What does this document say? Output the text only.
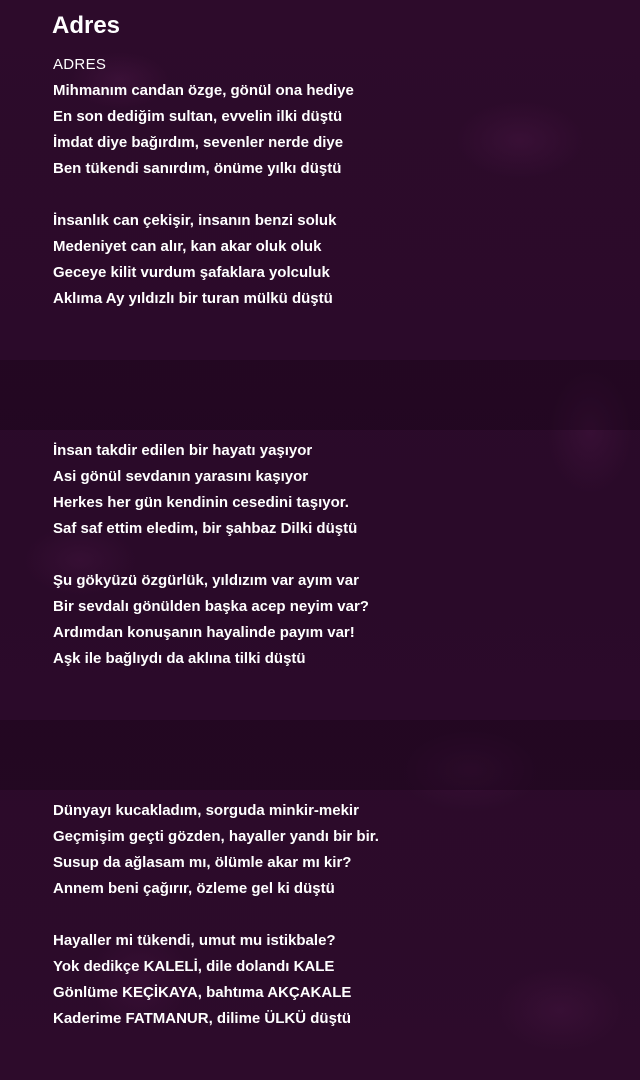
Adres
ADRES
Mihmanım candan özge, gönül ona hediye
En son dediğim sultan, evvelin ilki düştü
İmdat diye bağırdım, sevenler nerde diye
Ben tükendi sanırdım, önüme yılkı düştü
İnsanlık can çekişir, insanın benzi soluk
Medeniyet can alır, kan akar oluk oluk
Geceye kilit vurdum şafaklara yolculuk
Aklıma Ay yıldızlı bir turan mülkü düştü
İnsan takdir edilen bir hayatı yaşıyor
Asi gönül sevdanın yarasını kaşıyor
Herkes her gün kendinin cesedini taşıyor.
Saf saf ettim eledim, bir şahbaz Dilki düştü
Şu gökyüzü özgürlük, yıldızım var ayım var
Bir sevdalı gönülden başka acep neyim var?
Ardımdan konuşanın hayalinde payım var!
Aşk ile bağlıydı da aklına tilki düştü
Dünyayı kucakladım, sorguda minkir-mekir
Geçmişim geçti gözden, hayaller yandı bir bir.
Susup da ağlasam mı, ölümle akar mı kir?
Annem beni çağırır, özleme gel ki düştü
Hayaller mi tükendi, umut mu istikbale?
Yok dedikçe KALELİ, dile dolandı KALE
Gönlüme KEÇİKAYA, bahtıma AKÇAKALE
Kaderime FATMANUR, dilime ÜLKÜ düştü
